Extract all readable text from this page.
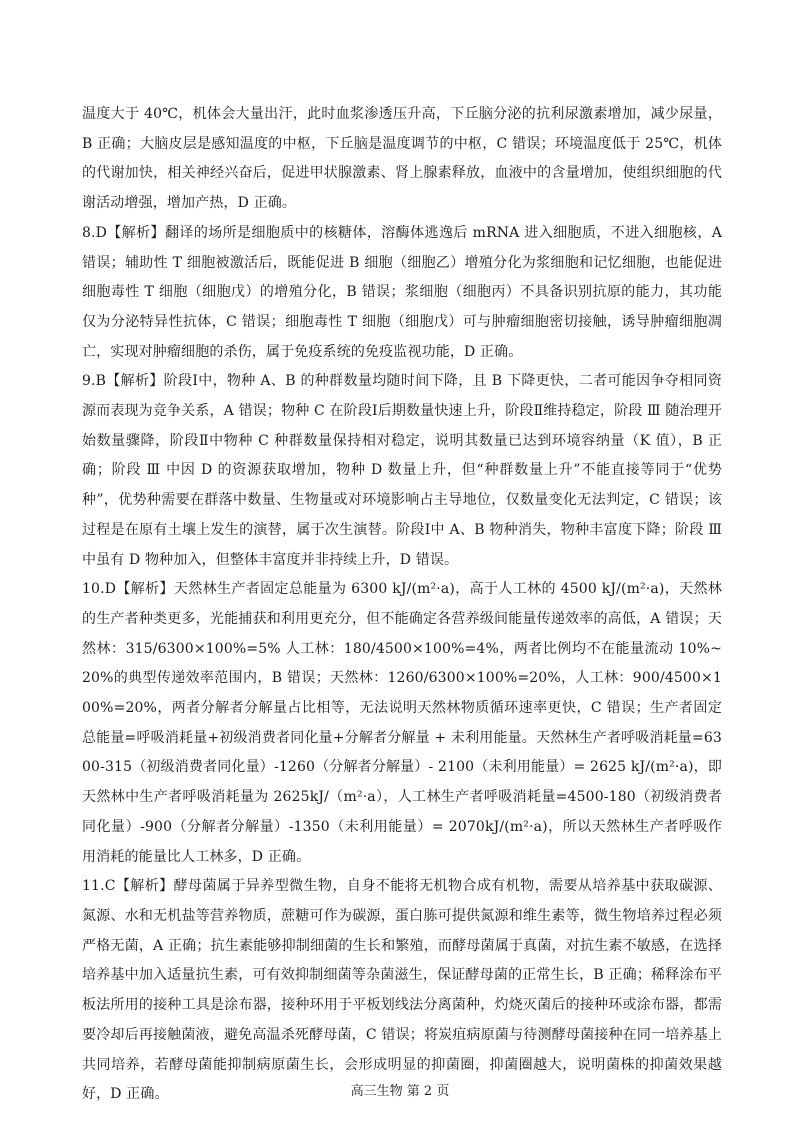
温度大于 40℃，机体会大量出汗，此时血浆渗透压升高，下丘脑分泌的抗利尿激素增加，减少尿量，B 正确；大脑皮层是感知温度的中枢，下丘脑是温度调节的中枢，C 错误；环境温度低于 25℃，机体的代谢加快，相关神经兴奋后，促进甲状腺激素、肾上腺素释放，血液中的含量增加，使组织细胞的代谢活动增强，增加产热，D 正确。

8.D【解析】翻译的场所是细胞质中的核糖体，溶酶体逃逸后 mRNA 进入细胞质，不进入细胞核，A 错误；辅助性 T 细胞被激活后，既能促进 B 细胞（细胞乙）增殖分化为浆细胞和记忆细胞，也能促进细胞毒性 T 细胞（细胞戊）的增殖分化，B 错误；浆细胞（细胞丙）不具备识别抗原的能力，其功能仅为分泌特异性抗体，C 错误；细胞毒性 T 细胞（细胞戊）可与肿瘤细胞密切接触，诱导肿瘤细胞凋亡，实现对肿瘤细胞的杀伤，属于免疫系统的免疫监视功能，D 正确。

9.B【解析】阶段Ⅰ中，物种 A、B 的种群数量均随时间下降，且 B 下降更快，二者可能因争夺相同资源而表现为竞争关系，A 错误；物种 C 在阶段Ⅰ后期数量快速上升，阶段Ⅱ维持稳定，阶段 Ⅲ 随治理开始数量骤降，阶段Ⅱ中物种 C 种群数量保持相对稳定，说明其数量已达到环境容纳量（K 值），B 正确；阶段 Ⅲ 中因 D 的资源获取增加，物种 D 数量上升，但“种群数量上升”不能直接等同于“优势种”，优势种需要在群落中数量、生物量或对环境影响占主导地位，仅数量变化无法判定，C 错误；该过程是在原有土壤上发生的演替，属于次生演替。阶段Ⅰ中 A、B 物种消失，物种丰富度下降；阶段 Ⅲ 中虽有 D 物种加入，但整体丰富度并非持续上升，D 错误。

10.D【解析】天然林生产者固定总能量为 6300 kJ/(m²·a)，高于人工林的 4500 kJ/(m²·a)，天然林的生产者种类更多，光能捕获和利用更充分，但不能确定各营养级间能量传递效率的高低，A 错误；天然林：315/6300×100%=5% 人工林：180/4500×100%=4%，两者比例均不在能量流动 10%~20%的典型传递效率范围内，B 错误；天然林：1260/6300×100%=20%，人工林：900/4500×100%=20%，两者分解者分解量占比相等，无法说明天然林物质循环速率更快，C 错误；生产者固定总能量=呼吸消耗量+初级消费者同化量+分解者分解量 + 未利用能量。天然林生产者呼吸消耗量=6300-315（初级消费者同化量）-1260（分解者分解量）- 2100（未利用能量）= 2625 kJ/(m²·a)，即天然林中生产者呼吸消耗量为 2625kJ/（m²·a），人工林生产者呼吸消耗量=4500-180（初级消费者同化量）-900（分解者分解量）-1350（未利用能量）= 2070kJ/(m²·a)，所以天然林生产者呼吸作用消耗的能量比人工林多，D 正确。

11.C【解析】酵母菌属于异养型微生物，自身不能将无机物合成有机物，需要从培养基中获取碳源、氮源、水和无机盐等营养物质，蔗糖可作为碳源，蛋白胨可提供氮源和维生素等，微生物培养过程必须严格无菌，A 正确；抗生素能够抑制细菌的生长和繁殖，而酵母菌属于真菌，对抗生素不敏感，在选择培养基中加入适量抗生素，可有效抑制细菌等杂菌滋生，保证酵母菌的正常生长，B 正确；稀释涂布平板法所用的接种工具是涂布器，接种环用于平板划线法分离菌种，灼烧灭菌后的接种环或涂布器，都需要冷却后再接触菌液，避免高温杀死酵母菌，C 错误；将炭疽病原菌与待测酵母菌接种在同一培养基上共同培养，若酵母菌能抑制病原菌生长，会形成明显的抑菌圈，抑菌圈越大，说明菌株的抑菌效果越好，D 正确。	高三生物 第 2 页
